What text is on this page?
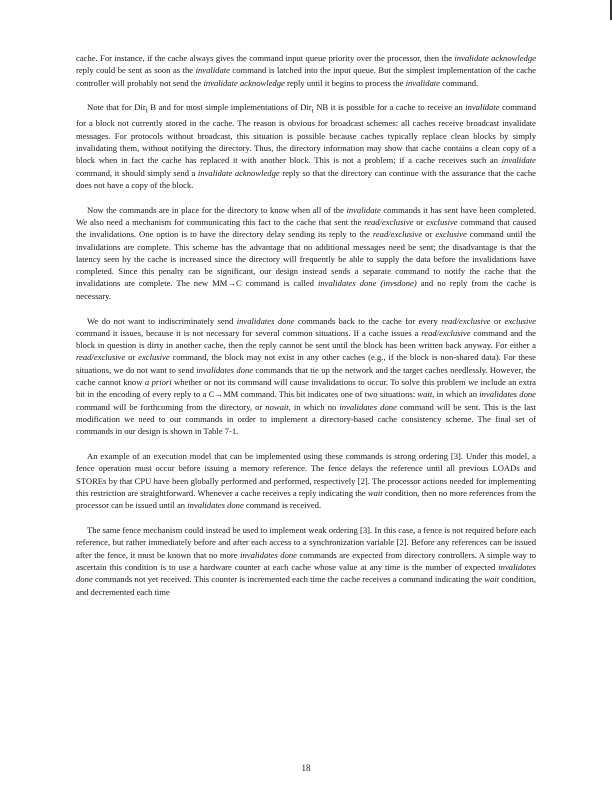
cache. For instance, if the cache always gives the command input queue priority over the processor, then the invalidate acknowledge reply could be sent as soon as the invalidate command is latched into the input queue. But the simplest implementation of the cache controller will probably not send the invalidate acknowledge reply until it begins to process the invalidate command.

Note that for Dir$_i$ B and for most simple implementations of Dir$_i$ NB it is possible for a cache to receive an invalidate command for a block not currently stored in the cache. The reason is obvious for broadcast schemes: all caches receive broadcast invalidate messages. For protocols without broadcast, this situation is possible because caches typically replace clean blocks by simply invalidating them, without notifying the directory. Thus, the directory information may show that cache contains a clean copy of a block when in fact the cache has replaced it with another block. This is not a problem; if a cache receives such an invalidate command, it should simply send a invalidate acknowledge reply so that the directory can continue with the assurance that the cache does not have a copy of the block.

Now the commands are in place for the directory to know when all of the invalidate commands it has sent have been completed. We also need a mechanism for communicating this fact to the cache that sent the read/exclusive or exclusive command that caused the invalidations. One option is to have the directory delay sending its reply to the read/exclusive or exclusive command until the invalidations are complete. This scheme has the advantage that no additional messages need be sent; the disadvantage is that the latency seen by the cache is increased since the directory will frequently be able to supply the data before the invalidations have completed. Since this penalty can be significant, our design instead sends a separate command to notify the cache that the invalidations are complete. The new MM→C command is called invalidates done (invsdone) and no reply from the cache is necessary.

We do not want to indiscriminately send invalidates done commands back to the cache for every read/exclusive or exclusive command it issues, because it is not necessary for several common situations. If a cache issues a read/exclusive command and the block in question is dirty in another cache, then the reply cannot be sent until the block has been written back anyway. For either a read/exclusive or exclusive command, the block may not exist in any other caches (e.g., if the block is non-shared data). For these situations, we do not want to send invalidates done commands that tie up the network and the target caches needlessly. However, the cache cannot know a priori whether or not its command will cause invalidations to occur. To solve this problem we include an extra bit in the encoding of every reply to a C→MM command. This bit indicates one of two situations: wait, in which an invalidates done command will be forthcoming from the directory, or nowait, in which no invalidates done command will be sent. This is the last modification we need to our commands in order to implement a directory-based cache consistency scheme. The final set of commands in our design is shown in Table 7-1.

An example of an execution model that can be implemented using these commands is strong ordering [3]. Under this model, a fence operation must occur before issuing a memory reference. The fence delays the reference until all previous LOADs and STOREs by that CPU have been globally performed and performed, respectively [2]. The processor actions needed for implementing this restriction are straightforward. Whenever a cache receives a reply indicating the wait condition, then no more references from the processor can be issued until an invalidates done command is received.

The same fence mechanism could instead be used to implement weak ordering [3]. In this case, a fence is not required before each reference, but rather immediately before and after each access to a synchronization variable [2]. Before any references can be issued after the fence, it must be known that no more invalidates done commands are expected from directory controllers. A simple way to ascertain this condition is to use a hardware counter at each cache whose value at any time is the number of expected invalidates done commands not yet received. This counter is incremented each time the cache receives a command indicating the wait condition, and decremented each time

18
